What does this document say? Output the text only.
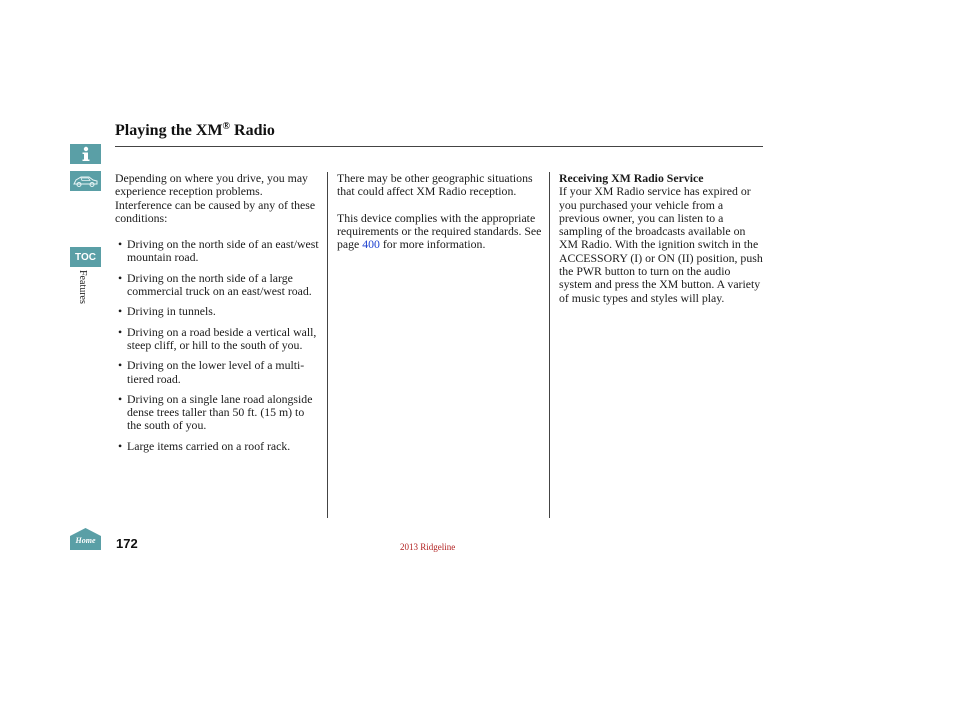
Playing the XM® Radio
TOC
Features

Depending on where you drive, you may experience reception problems. Interference can be caused by any of these conditions:

• Driving on the north side of an east/west mountain road.
• Driving on the north side of a large commercial truck on an east/west road.
• Driving in tunnels.
• Driving on a road beside a vertical wall, steep cliff, or hill to the south of you.
• Driving on the lower level of a multi-tiered road.
• Driving on a single lane road alongside dense trees taller than 50 ft. (15 m) to the south of you.
• Large items carried on a roof rack.

There may be other geographic situations that could affect XM Radio reception.

This device complies with the appropriate requirements or the required standards. See page 400 for more information.

Receiving XM Radio Service
If your XM Radio service has expired or you purchased your vehicle from a previous owner, you can listen to a sampling of the broadcasts available on XM Radio. With the ignition switch in the ACCESSORY (I) or ON (II) position, push the PWR button to turn on the audio system and press the XM button. A variety of music types and styles will play.
Home 172	2013 Ridgeline
